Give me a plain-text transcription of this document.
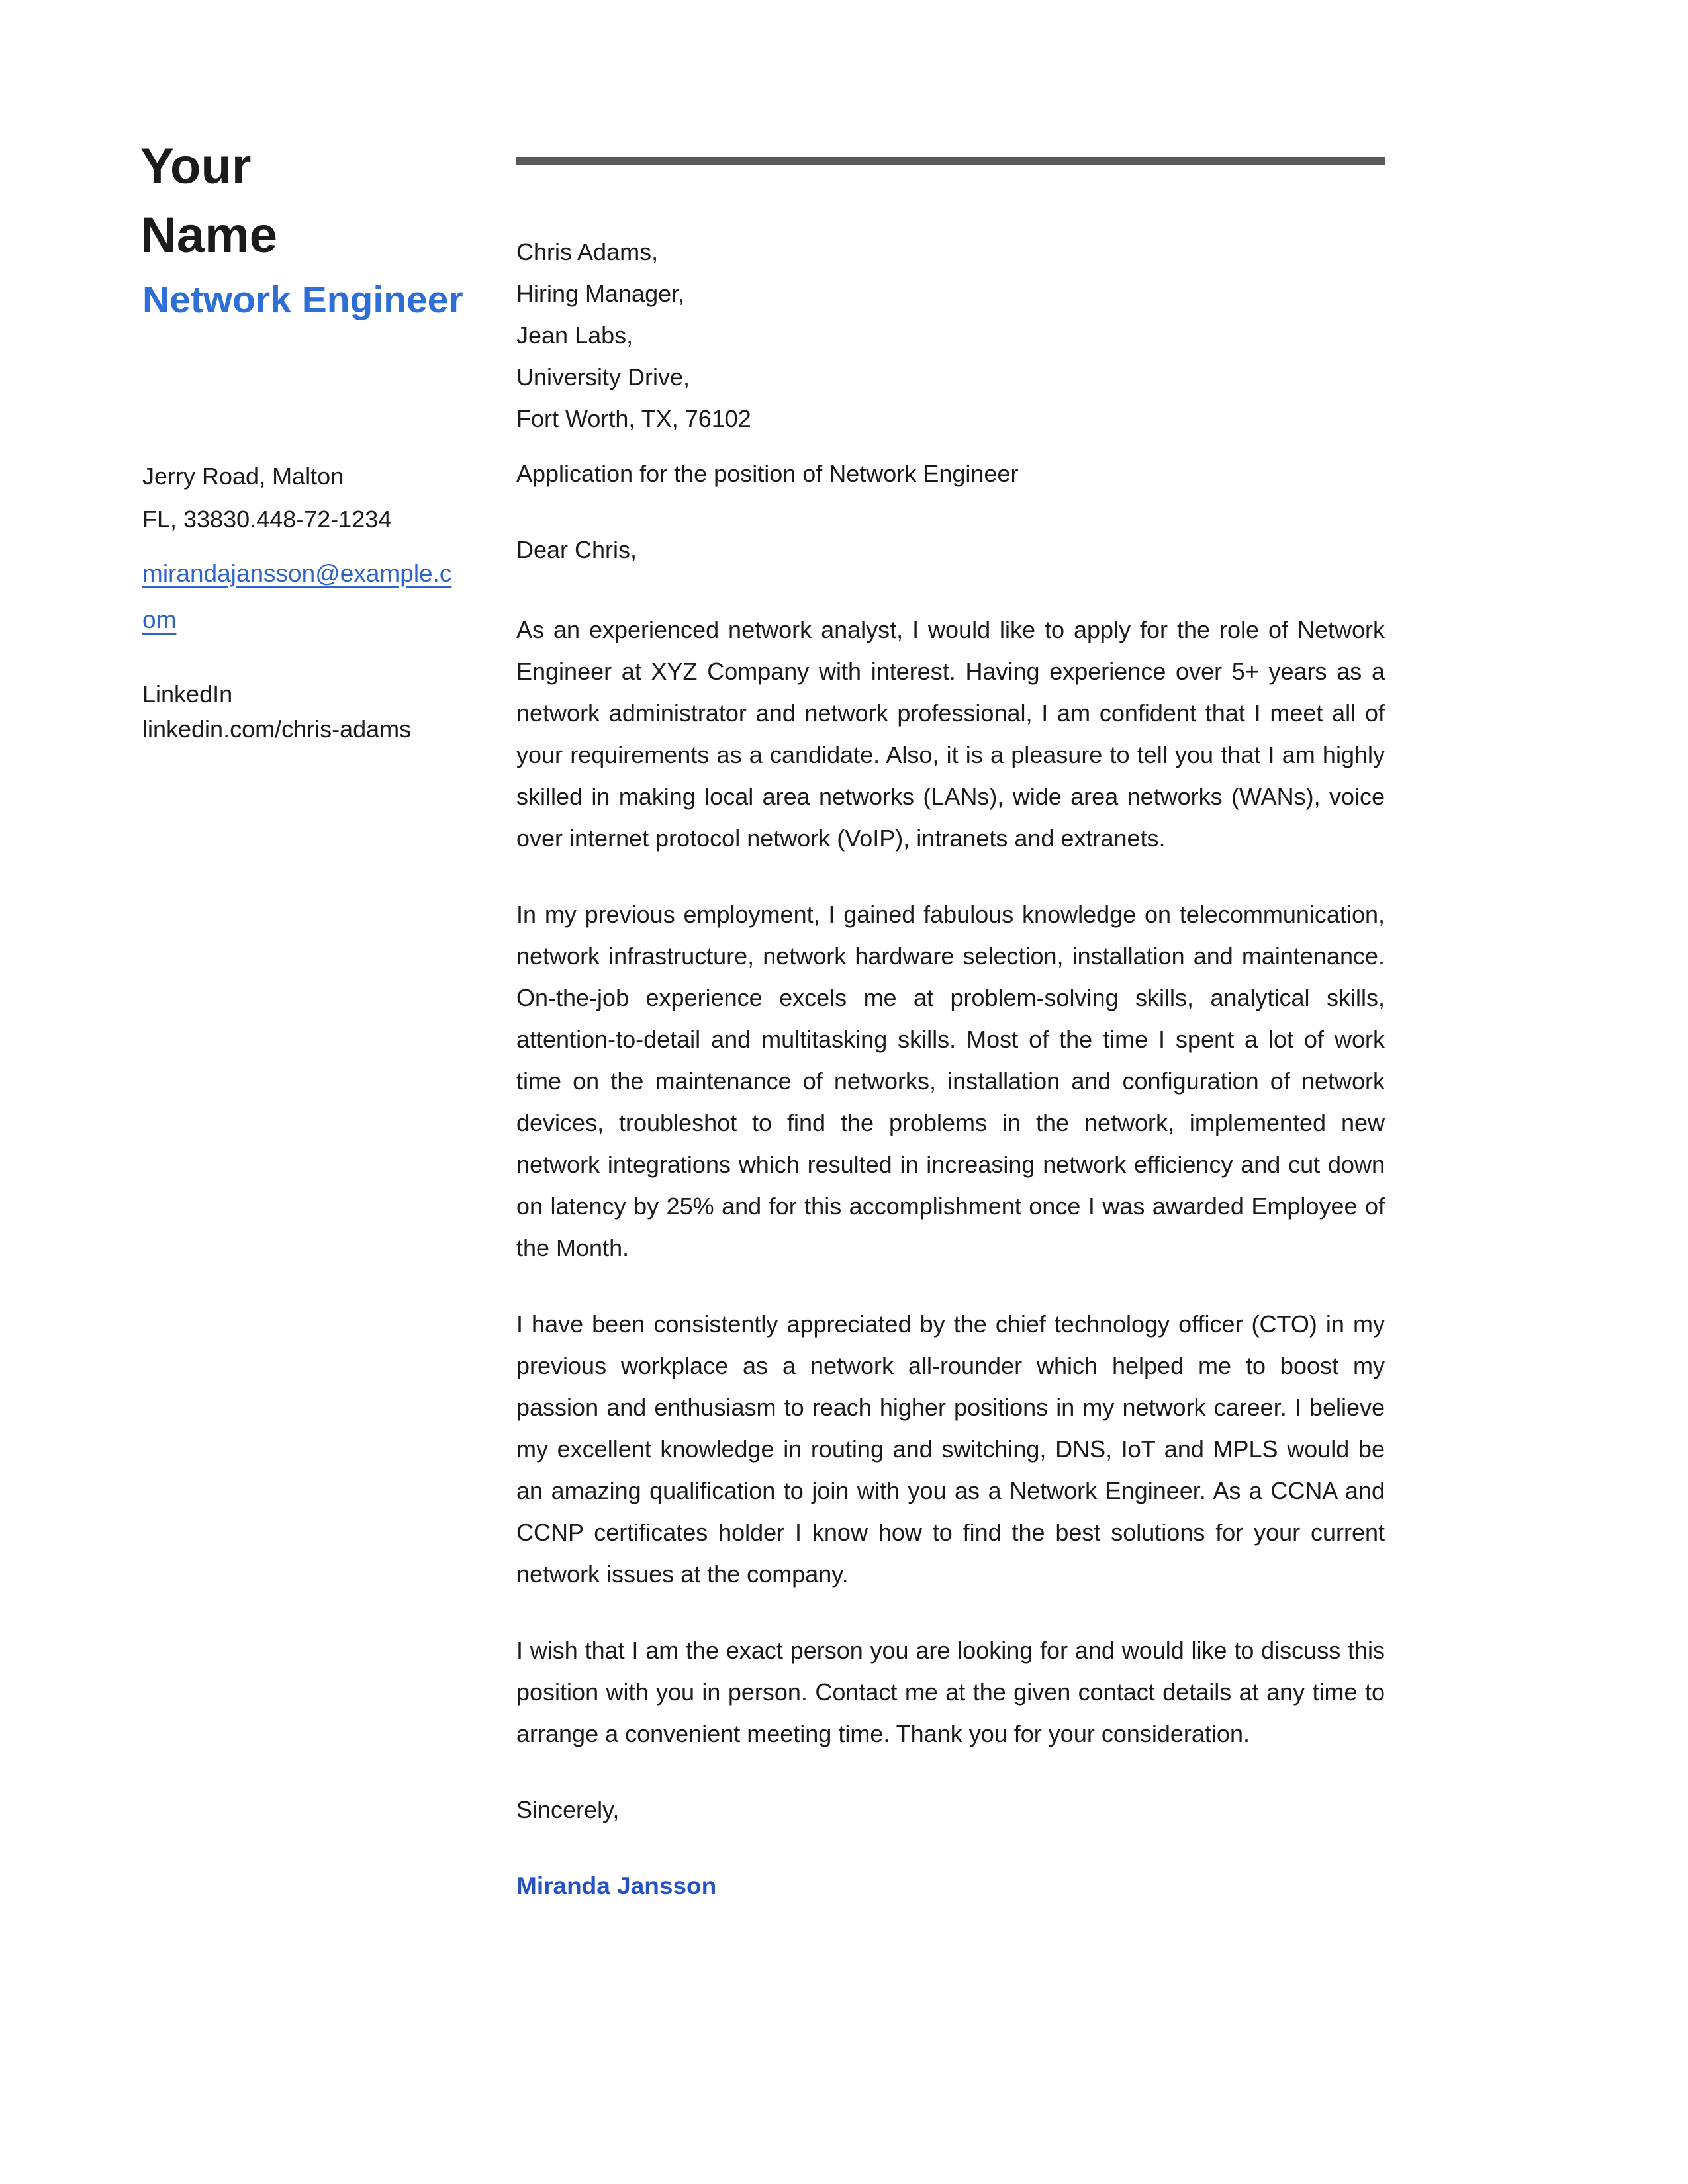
Your Name
Network Engineer
Jerry Road, Malton
FL, 33830.448-72-1234
mirandajansson@example.com
LinkedIn
linkedin.com/chris-adams
Chris Adams,
Hiring Manager,
Jean Labs,
University Drive,
Fort Worth, TX, 76102
Application for the position of Network Engineer
Dear Chris,

As an experienced network analyst, I would like to apply for the role of Network Engineer at XYZ Company with interest. Having experience over 5+ years as a network administrator and network professional, I am confident that I meet all of your requirements as a candidate. Also, it is a pleasure to tell you that I am highly skilled in making local area networks (LANs), wide area networks (WANs), voice over internet protocol network (VoIP), intranets and extranets.

In my previous employment, I gained fabulous knowledge on telecommunication, network infrastructure, network hardware selection, installation and maintenance. On-the-job experience excels me at problem-solving skills, analytical skills, attention-to-detail and multitasking skills. Most of the time I spent a lot of work time on the maintenance of networks, installation and configuration of network devices, troubleshot to find the problems in the network, implemented new network integrations which resulted in increasing network efficiency and cut down on latency by 25% and for this accomplishment once I was awarded Employee of the Month.

I have been consistently appreciated by the chief technology officer (CTO) in my previous workplace as a network all-rounder which helped me to boost my passion and enthusiasm to reach higher positions in my network career. I believe my excellent knowledge in routing and switching, DNS, IoT and MPLS would be an amazing qualification to join with you as a Network Engineer. As a CCNA and CCNP certificates holder I know how to find the best solutions for your current network issues at the company.

I wish that I am the exact person you are looking for and would like to discuss this position with you in person. Contact me at the given contact details at any time to arrange a convenient meeting time. Thank you for your consideration.

Sincerely,
Miranda Jansson
